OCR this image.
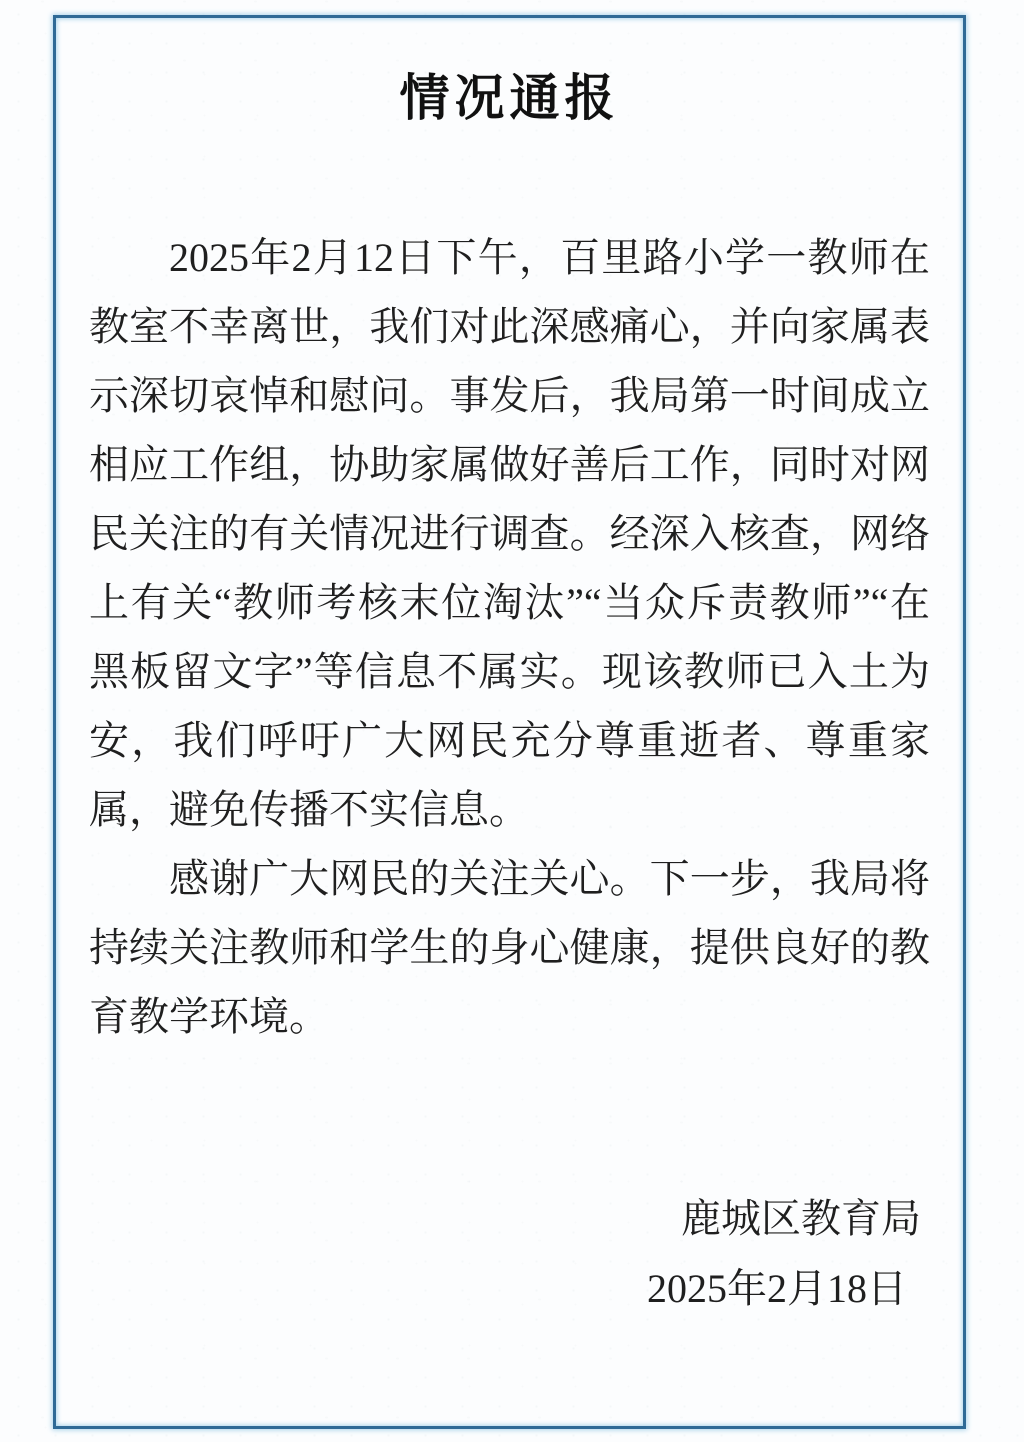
情况通报

2025年2月12日下午，百里路小学一教师在教室不幸离世，我们对此深感痛心，并向家属表示深切哀悼和慰问。事发后，我局第一时间成立相应工作组，协助家属做好善后工作，同时对网民关注的有关情况进行调查。经深入核查，网络上有关“教师考核末位淘汰”“当众斥责教师”“在黑板留文字”等信息不属实。现该教师已入土为安，我们呼吁广大网民充分尊重逝者、尊重家属，避免传播不实信息。

感谢广大网民的关注关心。下一步，我局将持续关注教师和学生的身心健康，提供良好的教育教学环境。

鹿城区教育局
2025年2月18日
